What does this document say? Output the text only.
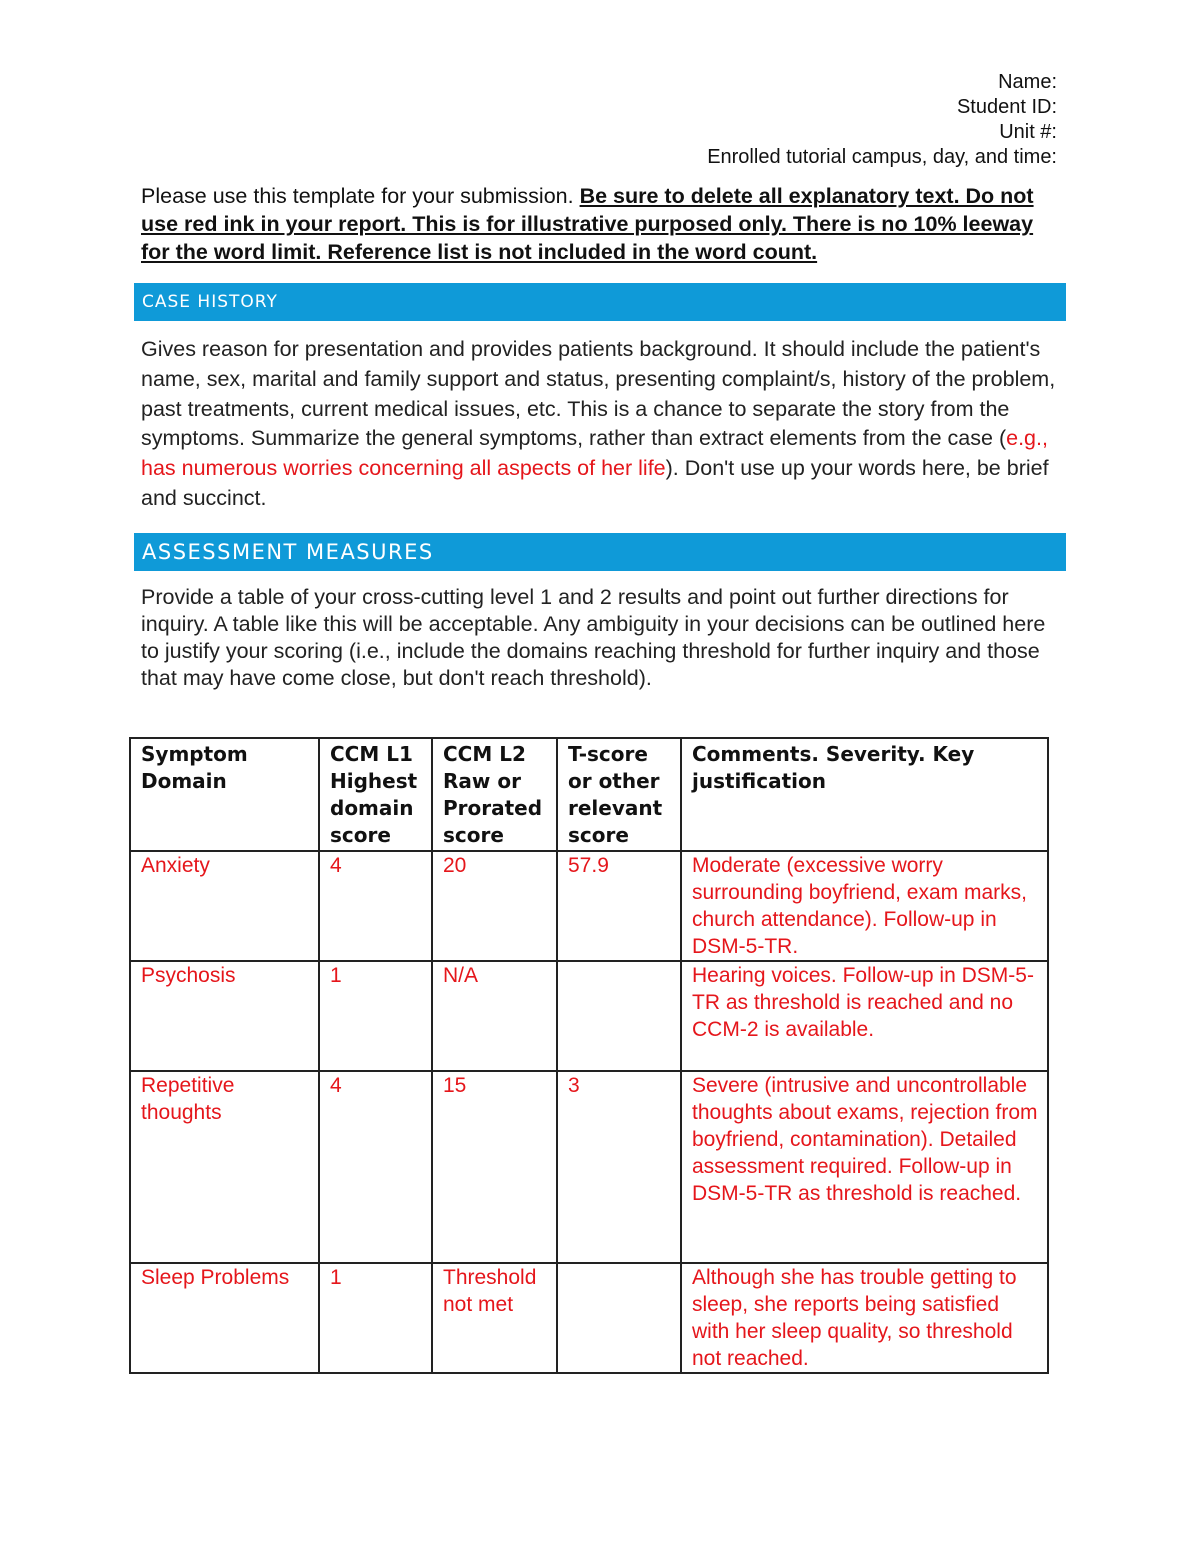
Name:
Student ID:
Unit #:
Enrolled tutorial campus, day, and time:
Please use this template for your submission. Be sure to delete all explanatory text. Do not use red ink in your report. This is for illustrative purposed only. There is no 10% leeway for the word limit. Reference list is not included in the word count.
CASE HISTORY
Gives reason for presentation and provides patients background. It should include the patient's name, sex, marital and family support and status, presenting complaint/s, history of the problem, past treatments, current medical issues, etc. This is a chance to separate the story from the symptoms. Summarize the general symptoms, rather than extract elements from the case (e.g., has numerous worries concerning all aspects of her life). Don't use up your words here, be brief and succinct.
ASSESSMENT MEASURES
Provide a table of your cross-cutting level 1 and 2 results and point out further directions for inquiry. A table like this will be acceptable. Any ambiguity in your decisions can be outlined here to justify your scoring (i.e., include the domains reaching threshold for further inquiry and those that may have come close, but don't reach threshold).
Symptom Domain	CCM L1 Highest domain score	CCM L2 Raw or Prorated score	T-score or other relevant score	Comments. Severity. Key justification
Anxiety	4	20	57.9	Moderate (excessive worry surrounding boyfriend, exam marks, church attendance). Follow-up in DSM-5-TR.
Psychosis	1	N/A		Hearing voices. Follow-up in DSM-5-TR as threshold is reached and no CCM-2 is available.
Repetitive thoughts	4	15	3	Severe (intrusive and uncontrollable thoughts about exams, rejection from boyfriend, contamination). Detailed assessment required. Follow-up in DSM-5-TR as threshold is reached.
Sleep Problems	1	Threshold not met		Although she has trouble getting to sleep, she reports being satisfied with her sleep quality, so threshold not reached.
